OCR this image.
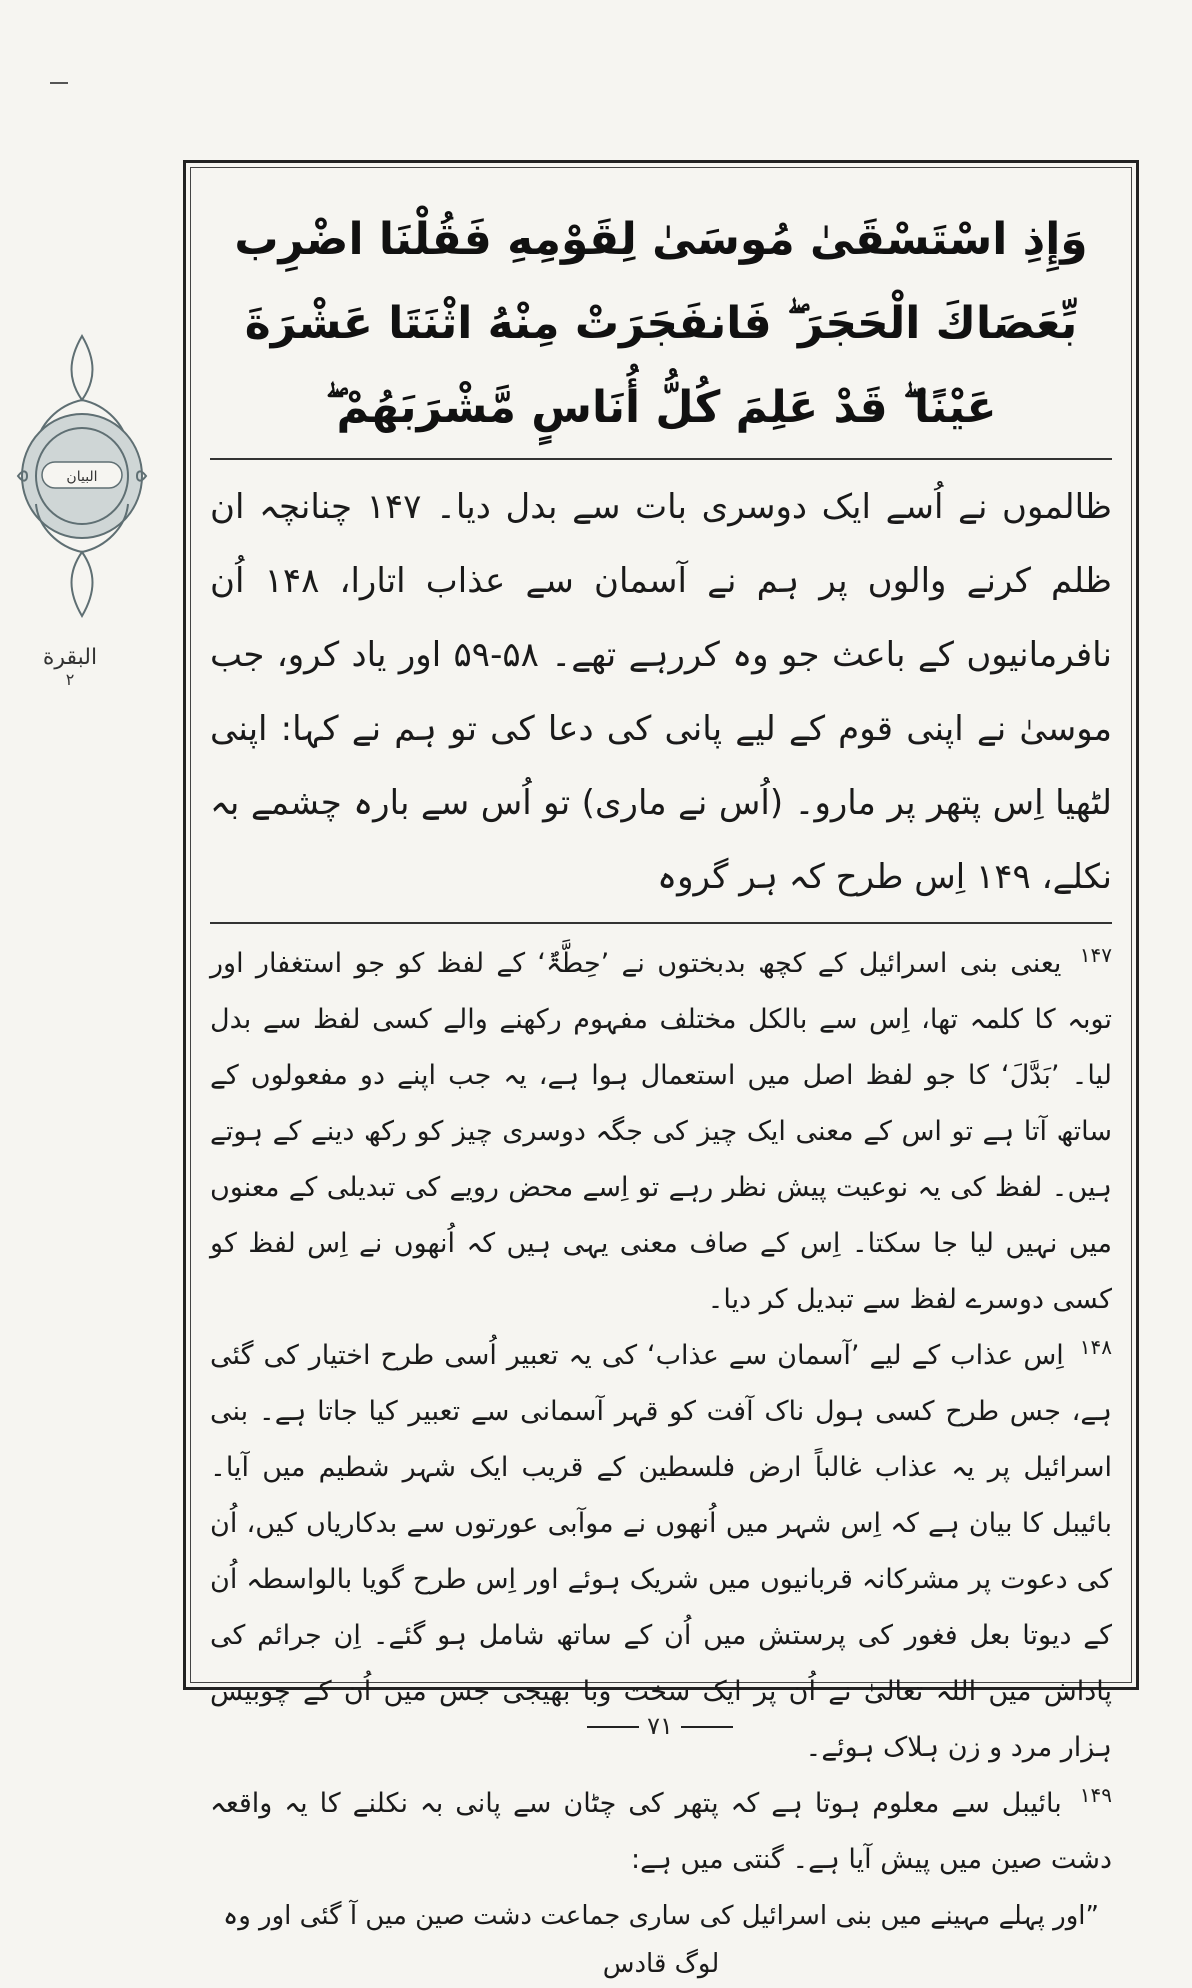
البیان
البقرة
۲

وَإِذِ اسْتَسْقَىٰ مُوسَىٰ لِقَوْمِهِ فَقُلْنَا اضْرِب بِّعَصَاكَ الْحَجَرَ ۖ فَانفَجَرَتْ مِنْهُ اثْنَتَا عَشْرَةَ عَيْنًا ۖ قَدْ عَلِمَ كُلُّ أُنَاسٍ مَّشْرَبَهُمْ ۖ

ظالموں نے اُسے ایک دوسری بات سے بدل دیا۔ ۱۴۷ چنانچہ ان ظلم کرنے والوں پر ہم نے آسمان سے عذاب اتارا، ۱۴۸ اُن نافرمانیوں کے باعث جو وہ کررہے تھے۔ ۵۸-۵۹ اور یاد کرو، جب موسیٰ نے اپنی قوم کے لیے پانی کی دعا کی تو ہم نے کہا: اپنی لٹھیا اِس پتھر پر مارو۔ (اُس نے ماری) تو اُس سے بارہ چشمے بہ نکلے، ۱۴۹ اِس طرح کہ ہر گروہ

$^{۱۴۷}$ یعنی بنی اسرائیل کے کچھ بدبختوں نے ’حِطَّۃٌ‘ کے لفظ کو جو استغفار اور توبہ کا کلمہ تھا، اِس سے بالکل مختلف مفہوم رکھنے والے کسی لفظ سے بدل لیا۔ ’بَدَّلَ‘ کا جو لفظ اصل میں استعمال ہوا ہے، یہ جب اپنے دو مفعولوں کے ساتھ آتا ہے تو اس کے معنی ایک چیز کی جگہ دوسری چیز کو رکھ دینے کے ہوتے ہیں۔ لفظ کی یہ نوعیت پیش نظر رہے تو اِسے محض رویے کی تبدیلی کے معنوں میں نہیں لیا جا سکتا۔ اِس کے صاف معنی یہی ہیں کہ اُنھوں نے اِس لفظ کو کسی دوسرے لفظ سے تبدیل کر دیا۔

$^{۱۴۸}$ اِس عذاب کے لیے ’آسمان سے عذاب‘ کی یہ تعبیر اُسی طرح اختیار کی گئی ہے، جس طرح کسی ہول ناک آفت کو قہر آسمانی سے تعبیر کیا جاتا ہے۔ بنی اسرائیل پر یہ عذاب غالباً ارض فلسطین کے قریب ایک شہر شطیم میں آیا۔ بائیبل کا بیان ہے کہ اِس شہر میں اُنھوں نے موآبی عورتوں سے بدکاریاں کیں، اُن کی دعوت پر مشرکانہ قربانیوں میں شریک ہوئے اور اِس طرح گویا بالواسطہ اُن کے دیوتا بعل فغور کی پرستش میں اُن کے ساتھ شامل ہو گئے۔ اِن جرائم کی پاداش میں اللہ تعالیٰ نے اُن پر ایک سخت وبا بھیجی جس میں اُن کے چوبیس ہزار مرد و زن ہلاک ہوئے۔

$^{۱۴۹}$ بائیبل سے معلوم ہوتا ہے کہ پتھر کی چٹان سے پانی بہ نکلنے کا یہ واقعہ دشت صین میں پیش آیا ہے۔ گنتی میں ہے:

”اور پہلے مہینے میں بنی اسرائیل کی ساری جماعت دشت صین میں آ گئی اور وہ لوگ قادس

۷۱
